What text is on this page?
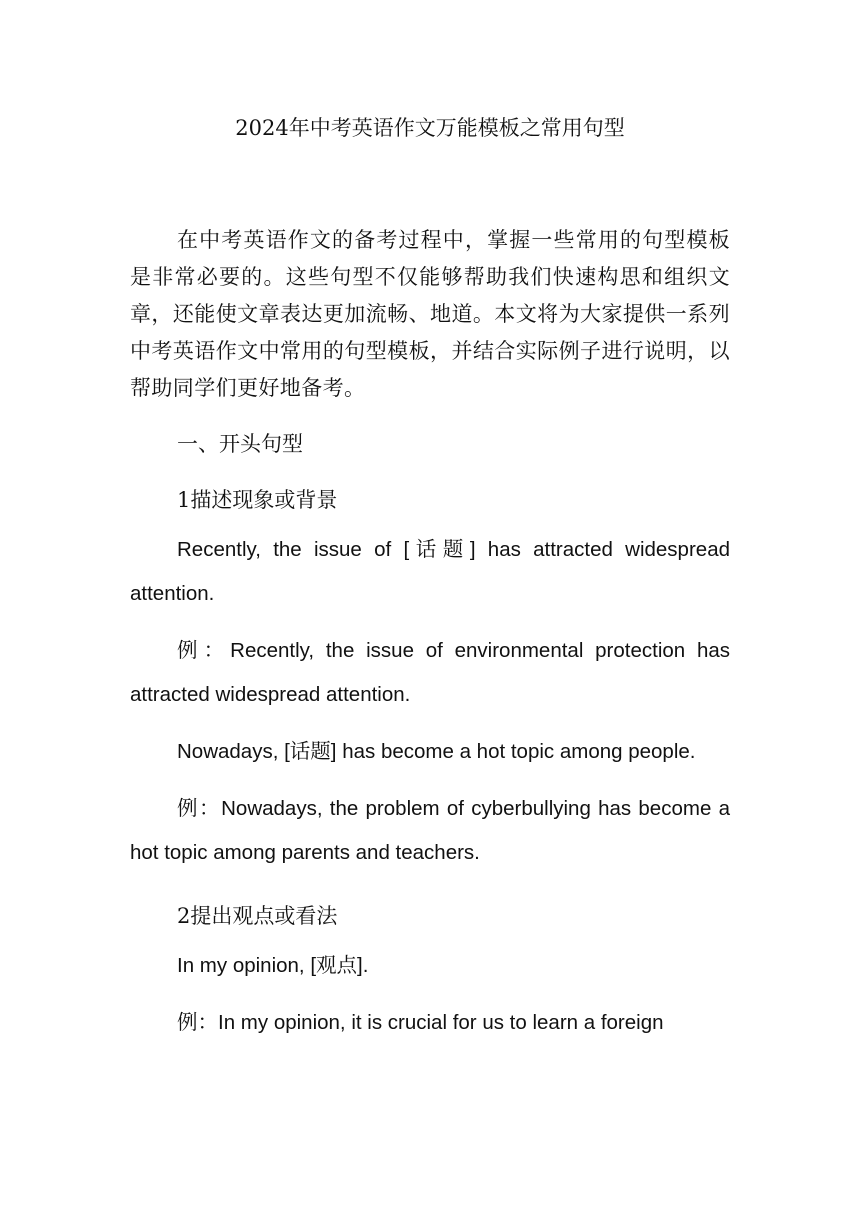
2024年中考英语作文万能模板之常用句型

在中考英语作文的备考过程中，掌握一些常用的句型模板是非常必要的。这些句型不仅能够帮助我们快速构思和组织文章，还能使文章表达更加流畅、地道。本文将为大家提供一系列中考英语作文中常用的句型模板，并结合实际例子进行说明，以帮助同学们更好地备考。

一、开头句型

1描述现象或背景

Recently, the issue of [话题] has attracted widespread attention.

例：Recently, the issue of environmental protection has attracted widespread attention.

Nowadays, [话题] has become a hot topic among people.

例：Nowadays, the problem of cyberbullying has become a hot topic among parents and teachers.

2提出观点或看法

In my opinion, [观点].

例：In my opinion, it is crucial for us to learn a foreign
